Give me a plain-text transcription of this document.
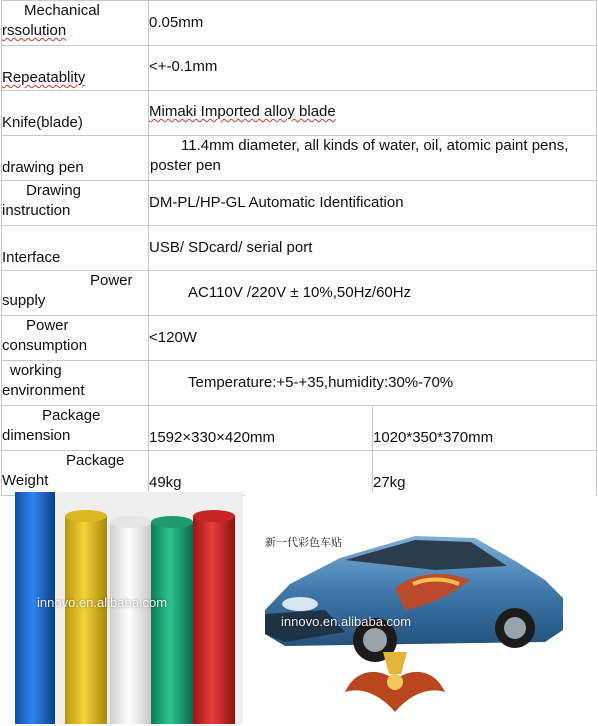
Mechanical
rssolution	0.05mm	

Repeatablity	<+-0.1mm	

Knife(blade)	Mimaki Imported alloy blade	

drawing pen	11.4mm diameter, all kinds of water, oil, atomic paint pens,
poster pen	

Drawing
instruction	DM-PL/HP-GL Automatic Identification	

Interface	USB/ SDcard/ serial port	

Power
supply	AC110V /220V ± 10%,50Hz/60Hz	

Power
consumption	<120W	

working
environment	Temperature:+5-+35,humidity:30%-70%	

Package
dimension	1592×330×420mm	1020*350*370mm

Package
Weight	49kg	27kg
innovo.en.alibaba.com
新一代彩色车贴
innovo.en.alibaba.com
